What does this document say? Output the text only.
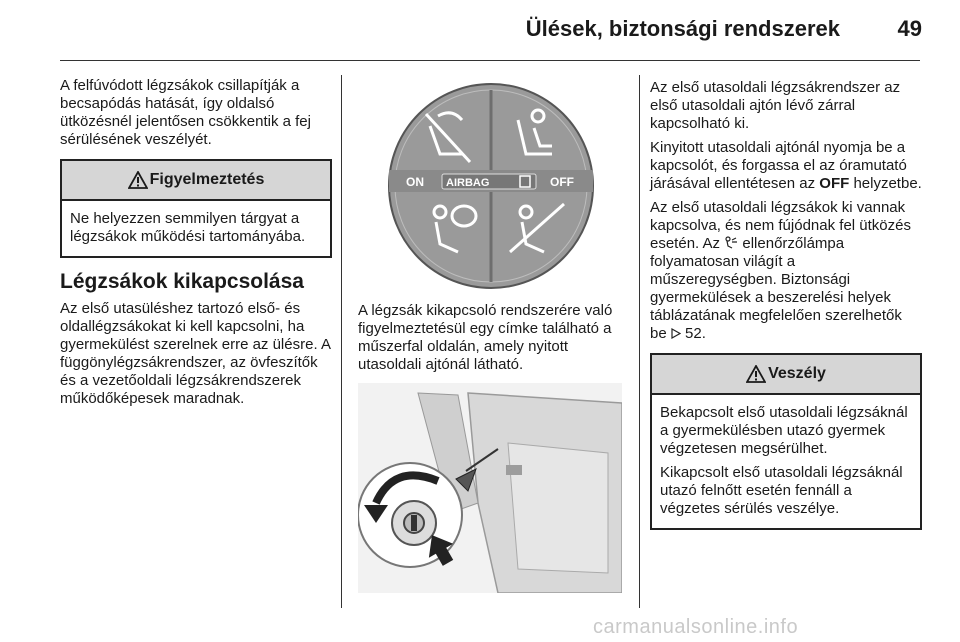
Ülések, biztonsági rendszerek	49

A felfúvódott légzsákok csillapítják a becsapódás hatását, így oldalsó ütközésnél jelentősen csökkentik a fej sérülésének veszélyét.

Figyelmeztetés
Ne helyezzen semmilyen tárgyat a légzsákok működési tartományába.
Légzsákok kikapcsolása

Az első utasüléshez tartozó első- és oldallégzsákokat ki kell kapcsolni, ha gyermekülést szerelnek erre az ülésre. A függönylégzsákrendszer, az övfeszítők és a vezetőoldali légzsákrendszerek működőképesek maradnak.

ON AIRBAG	OFF
A légzsák kikapcsoló rendszerére való figyelmeztetésül egy címke található a műszerfal oldalán, amely nyitott utasoldali ajtónál látható.

Az első utasoldali légzsákrendszer az első utasoldali ajtón lévő zárral kapcsolható ki.

Kinyitott utasoldali ajtónál nyomja be a kapcsolót, és forgassa el az óramutató járásával ellentétesen az OFF helyzetbe.

Az első utasoldali légzsákok ki vannak kapcsolva, és nem fújódnak fel ütközés esetén. Az  ellenőrzőlámpa folyamatosan világít a műszeregységben. Biztonsági gyermekülések a beszerelési helyek táblázatának megfelelően szerelhetők be  52.

Veszély

Bekapcsolt első utasoldali légzsáknál a gyermekülésben utazó gyermek végzetesen megsérülhet.

Kikapcsolt első utasoldali légzsáknál utazó felnőtt esetén fennáll a végzetes sérülés veszélye.

carmanualsonline.info
